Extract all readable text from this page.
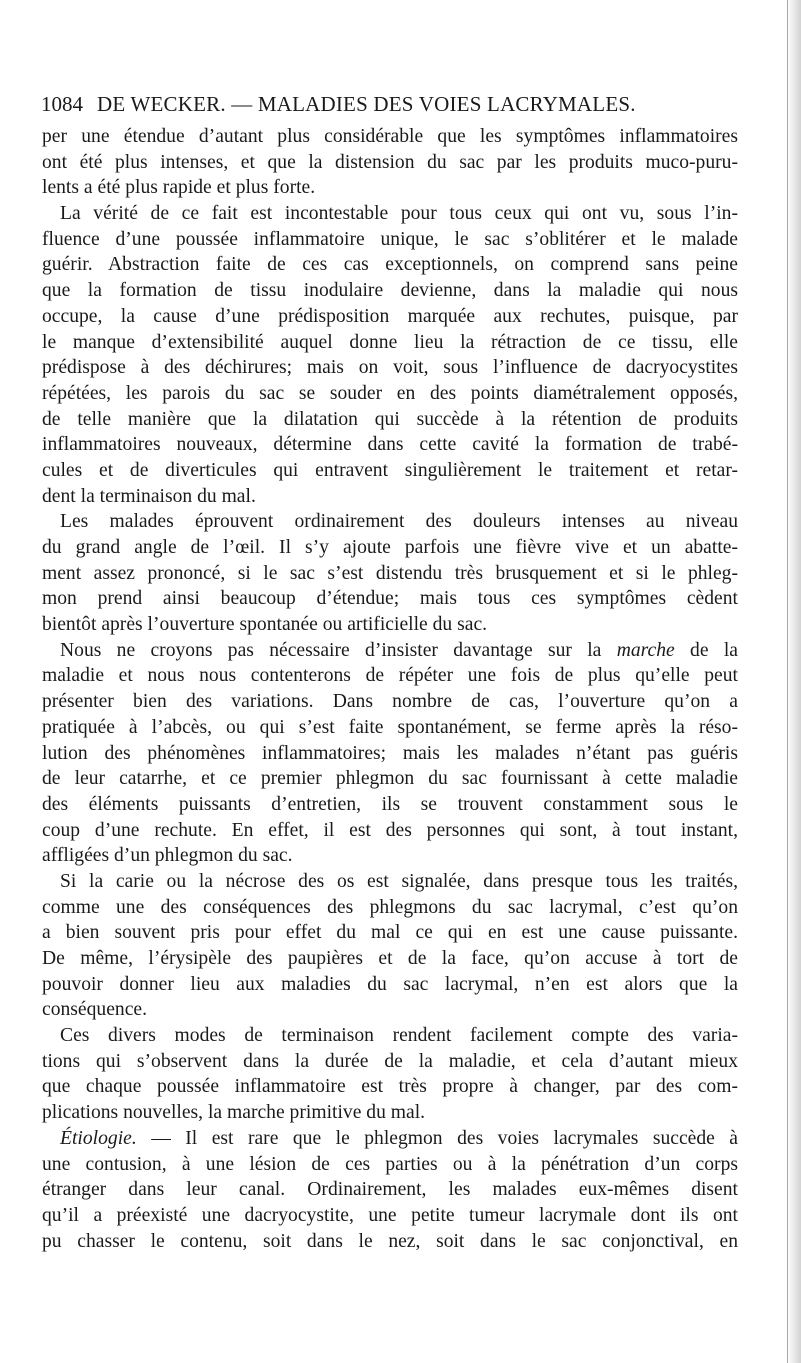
1084 DE WECKER. — MALADIES DES VOIES LACRYMALES.
per une étendue d’autant plus considérable que les symptômes inflammatoires
ont été plus intenses, et que la distension du sac par les produits muco-puru-
lents a été plus rapide et plus forte.
La vérité de ce fait est incontestable pour tous ceux qui ont vu, sous l’in-
fluence d’une poussée inflammatoire unique, le sac s’oblitérer et le malade
guérir. Abstraction faite de ces cas exceptionnels, on comprend sans peine
que la formation de tissu inodulaire devienne, dans la maladie qui nous
occupe, la cause d’une prédisposition marquée aux rechutes, puisque, par
le manque d’extensibilité auquel donne lieu la rétraction de ce tissu, elle
prédispose à des déchirures; mais on voit, sous l’influence de dacryocystites
répétées, les parois du sac se souder en des points diamétralement opposés,
de telle manière que la dilatation qui succède à la rétention de produits
inflammatoires nouveaux, détermine dans cette cavité la formation de trabé-
cules et de diverticules qui entravent singulièrement le traitement et retar-
dent la terminaison du mal.
Les malades éprouvent ordinairement des douleurs intenses au niveau
du grand angle de l’œil. Il s’y ajoute parfois une fièvre vive et un abatte-
ment assez prononcé, si le sac s’est distendu très brusquement et si le phleg-
mon prend ainsi beaucoup d’étendue; mais tous ces symptômes cèdent
bientôt après l’ouverture spontanée ou artificielle du sac.
Nous ne croyons pas nécessaire d’insister davantage sur la marche de la
maladie et nous nous contenterons de répéter une fois de plus qu’elle peut
présenter bien des variations. Dans nombre de cas, l’ouverture qu’on a
pratiquée à l’abcès, ou qui s’est faite spontanément, se ferme après la réso-
lution des phénomènes inflammatoires; mais les malades n’étant pas guéris
de leur catarrhe, et ce premier phlegmon du sac fournissant à cette maladie
des éléments puissants d’entretien, ils se trouvent constamment sous le
coup d’une rechute. En effet, il est des personnes qui sont, à tout instant,
affligées d’un phlegmon du sac.
Si la carie ou la nécrose des os est signalée, dans presque tous les traités,
comme une des conséquences des phlegmons du sac lacrymal, c’est qu’on
a bien souvent pris pour effet du mal ce qui en est une cause puissante.
De même, l’érysipèle des paupières et de la face, qu’on accuse à tort de
pouvoir donner lieu aux maladies du sac lacrymal, n’en est alors que la
conséquence.
Ces divers modes de terminaison rendent facilement compte des varia-
tions qui s’observent dans la durée de la maladie, et cela d’autant mieux
que chaque poussée inflammatoire est très propre à changer, par des com-
plications nouvelles, la marche primitive du mal.
Étiologie. — Il est rare que le phlegmon des voies lacrymales succède à
une contusion, à une lésion de ces parties ou à la pénétration d’un corps
étranger dans leur canal. Ordinairement, les malades eux-mêmes disent
qu’il a préexisté une dacryocystite, une petite tumeur lacrymale dont ils ont
pu chasser le contenu, soit dans le nez, soit dans le sac conjonctival, en
